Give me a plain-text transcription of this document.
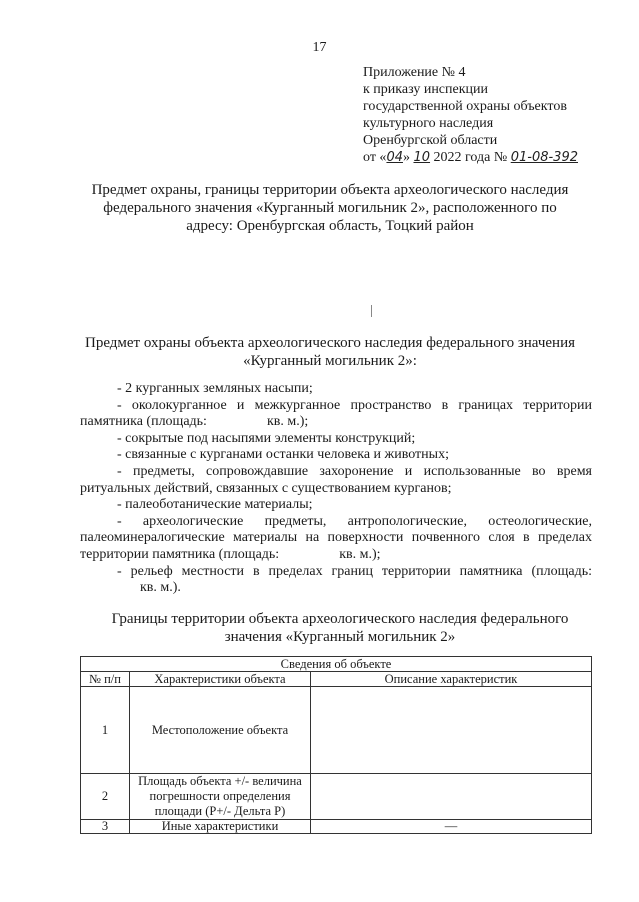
17
Приложение № 4
к приказу инспекции
государственной охраны объектов
культурного наследия
Оренбургской области
от «04» 10 2022 года № 01-08-392
Предмет охраны, границы территории объекта археологического наследия федерального значения «Курганный могильник 2», расположенного по адресу: Оренбургская область, Тоцкий район
Предмет охраны объекта археологического наследия федерального значения «Курганный могильник 2»:
- 2 курганных земляных насыпи;
- околокурганное и межкурганное пространство в границах территории памятника (площадь:	кв. м.);
- сокрытые под насыпями элементы конструкций;
- связанные с курганами останки человека и животных;
- предметы, сопровождавшие захоронение и использованные во время ритуальных действий, связанных с существованием курганов;
- палеоботанические материалы;
- археологические предметы, антропологические, остеологические, палеоминералогические материалы на поверхности почвенного слоя в пределах территории памятника (площадь:	кв. м.);
- рельеф местности в пределах границ территории памятника (площадь:кв. м.).
Границы территории объекта археологического наследия федерального значения «Курганный могильник 2»
Сведения об объекте		
№ п/п	Характеристики объекта	Описание характеристик
1	Местоположение объекта	
2	Площадь объекта +/- величина погрешности определения площади (Р+/- Дельта Р)	
3	Иные характеристики	—
